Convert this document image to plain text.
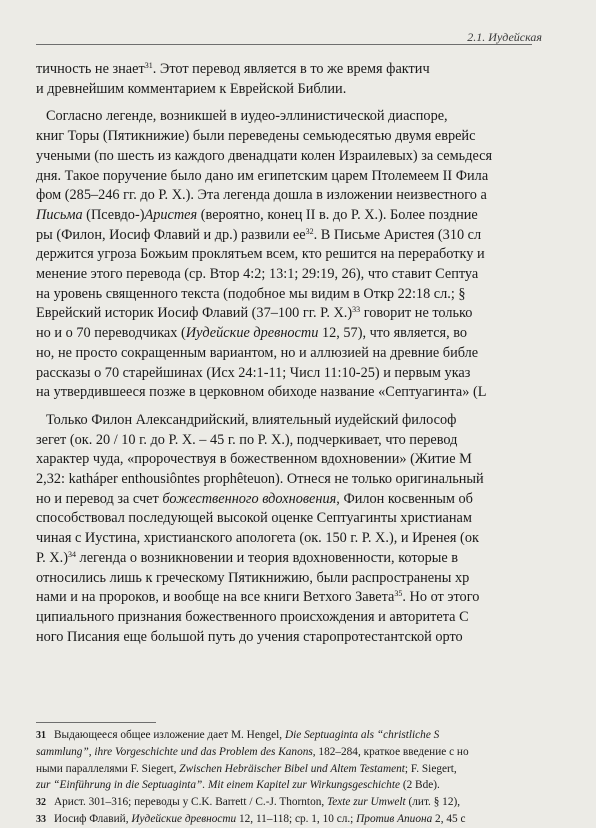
2.1. Иудейская
тичность не знает$^{31}$. Этот перевод является в то же время фактич
и древнейшим комментарием к Еврейской Библии.
Согласно легенде, возникшей в иудео-эллинистической диаспоре,
книг Торы (Пятикнижие) были переведены семьюдесятью двумя еврейс
учеными (по шесть из каждого двенадцати колен Израилевых) за семьдеся
дня. Такое поручение было дано им египетским царем Птолемеем II Фила
фом (285–246 гг. до Р. Х.). Эта легенда дошла в изложении неизвестного а
Письма (Псевдо-)Аристея (вероятно, конец II в. до Р. Х.). Более поздние
ры (Филон, Иосиф Флавий и др.) развили $ее^{32}$. В Письме Аристея (310 сл
держится угроза Божьим проклятьем всем, кто решится на переработку и
менение этого перевода (ср. Втор 4:2; 13:1; 29:19, 26), что ставит Септуа
на уровень священного текста (подобное мы видим в Откр 22:18 сл.; §
Еврейский историк Иосиф Флавий (37–100 гг. Р. Х.)$^{33}$ говорит не только
но и о 70 переводчиках (Иудейские древности 12, 57), что является, во
но, не просто сокращенным вариантом, но и аллюзией на древние библе
рассказы о 70 старейшинах (Исх 24:1-11; Числ 11:10-25) и первым указ
на утвердившееся позже в церковном обиходе название «Септуагинта» (L
Только Филон Александрийский, влиятельный иудейский философ
зегет (ок. 20 / 10 г. до Р. Х. – 45 г. по Р. Х.), подчеркивает, что перевод
характер чуда, «пророчествуя в божественном вдохновении» (Житие М
2,32: katháper enthousiôntes prophêteuon). Отнеся не только оригинальный
но и перевод за счет божественного вдохновения, Филон косвенным об
способствовал последующей высокой оценке Септуагинты христианам
чиная с Иустина, христианского апологета (ок. 150 г. Р. Х.), и Иренея (ок
Р. Х.)$^{34}$ легенда о возникновении и теория вдохновенности, которые в
относились лишь к греческому Пятикнижию, были распространены хр
нами и на пророков, и вообще на все книги Ветхого Завета$^{35}$. Но от этого
ципиального признания божественного происхождения и авторитета С
ного Писания еще большой путь до учения старопротестантской орто
31 Выдающееся общее изложение дает M. Hengel, Die Septuaginta als “christliche S
sammlung”, ihre Vorgeschichte und das Problem des Kanons, 182–284, краткое введение с но
ными параллелями F. Siegert, Zwischen Hebräischer Bibel und Altem Testament; F. Siegert,
zur “Einführung in die Septuaginta”. Mit einem Kapitel zur Wirkungsgeschichte (2 Bde).
32 Арист. 301–316; переводы у C.K. Barrett / C.-J. Thornton, Texte zur Umwelt (лит. § 12),
33 Иосиф Флавий, Иудейские древности 12, 11–118; ср. 1, 10 сл.; Против Апиона 2, 45 с
